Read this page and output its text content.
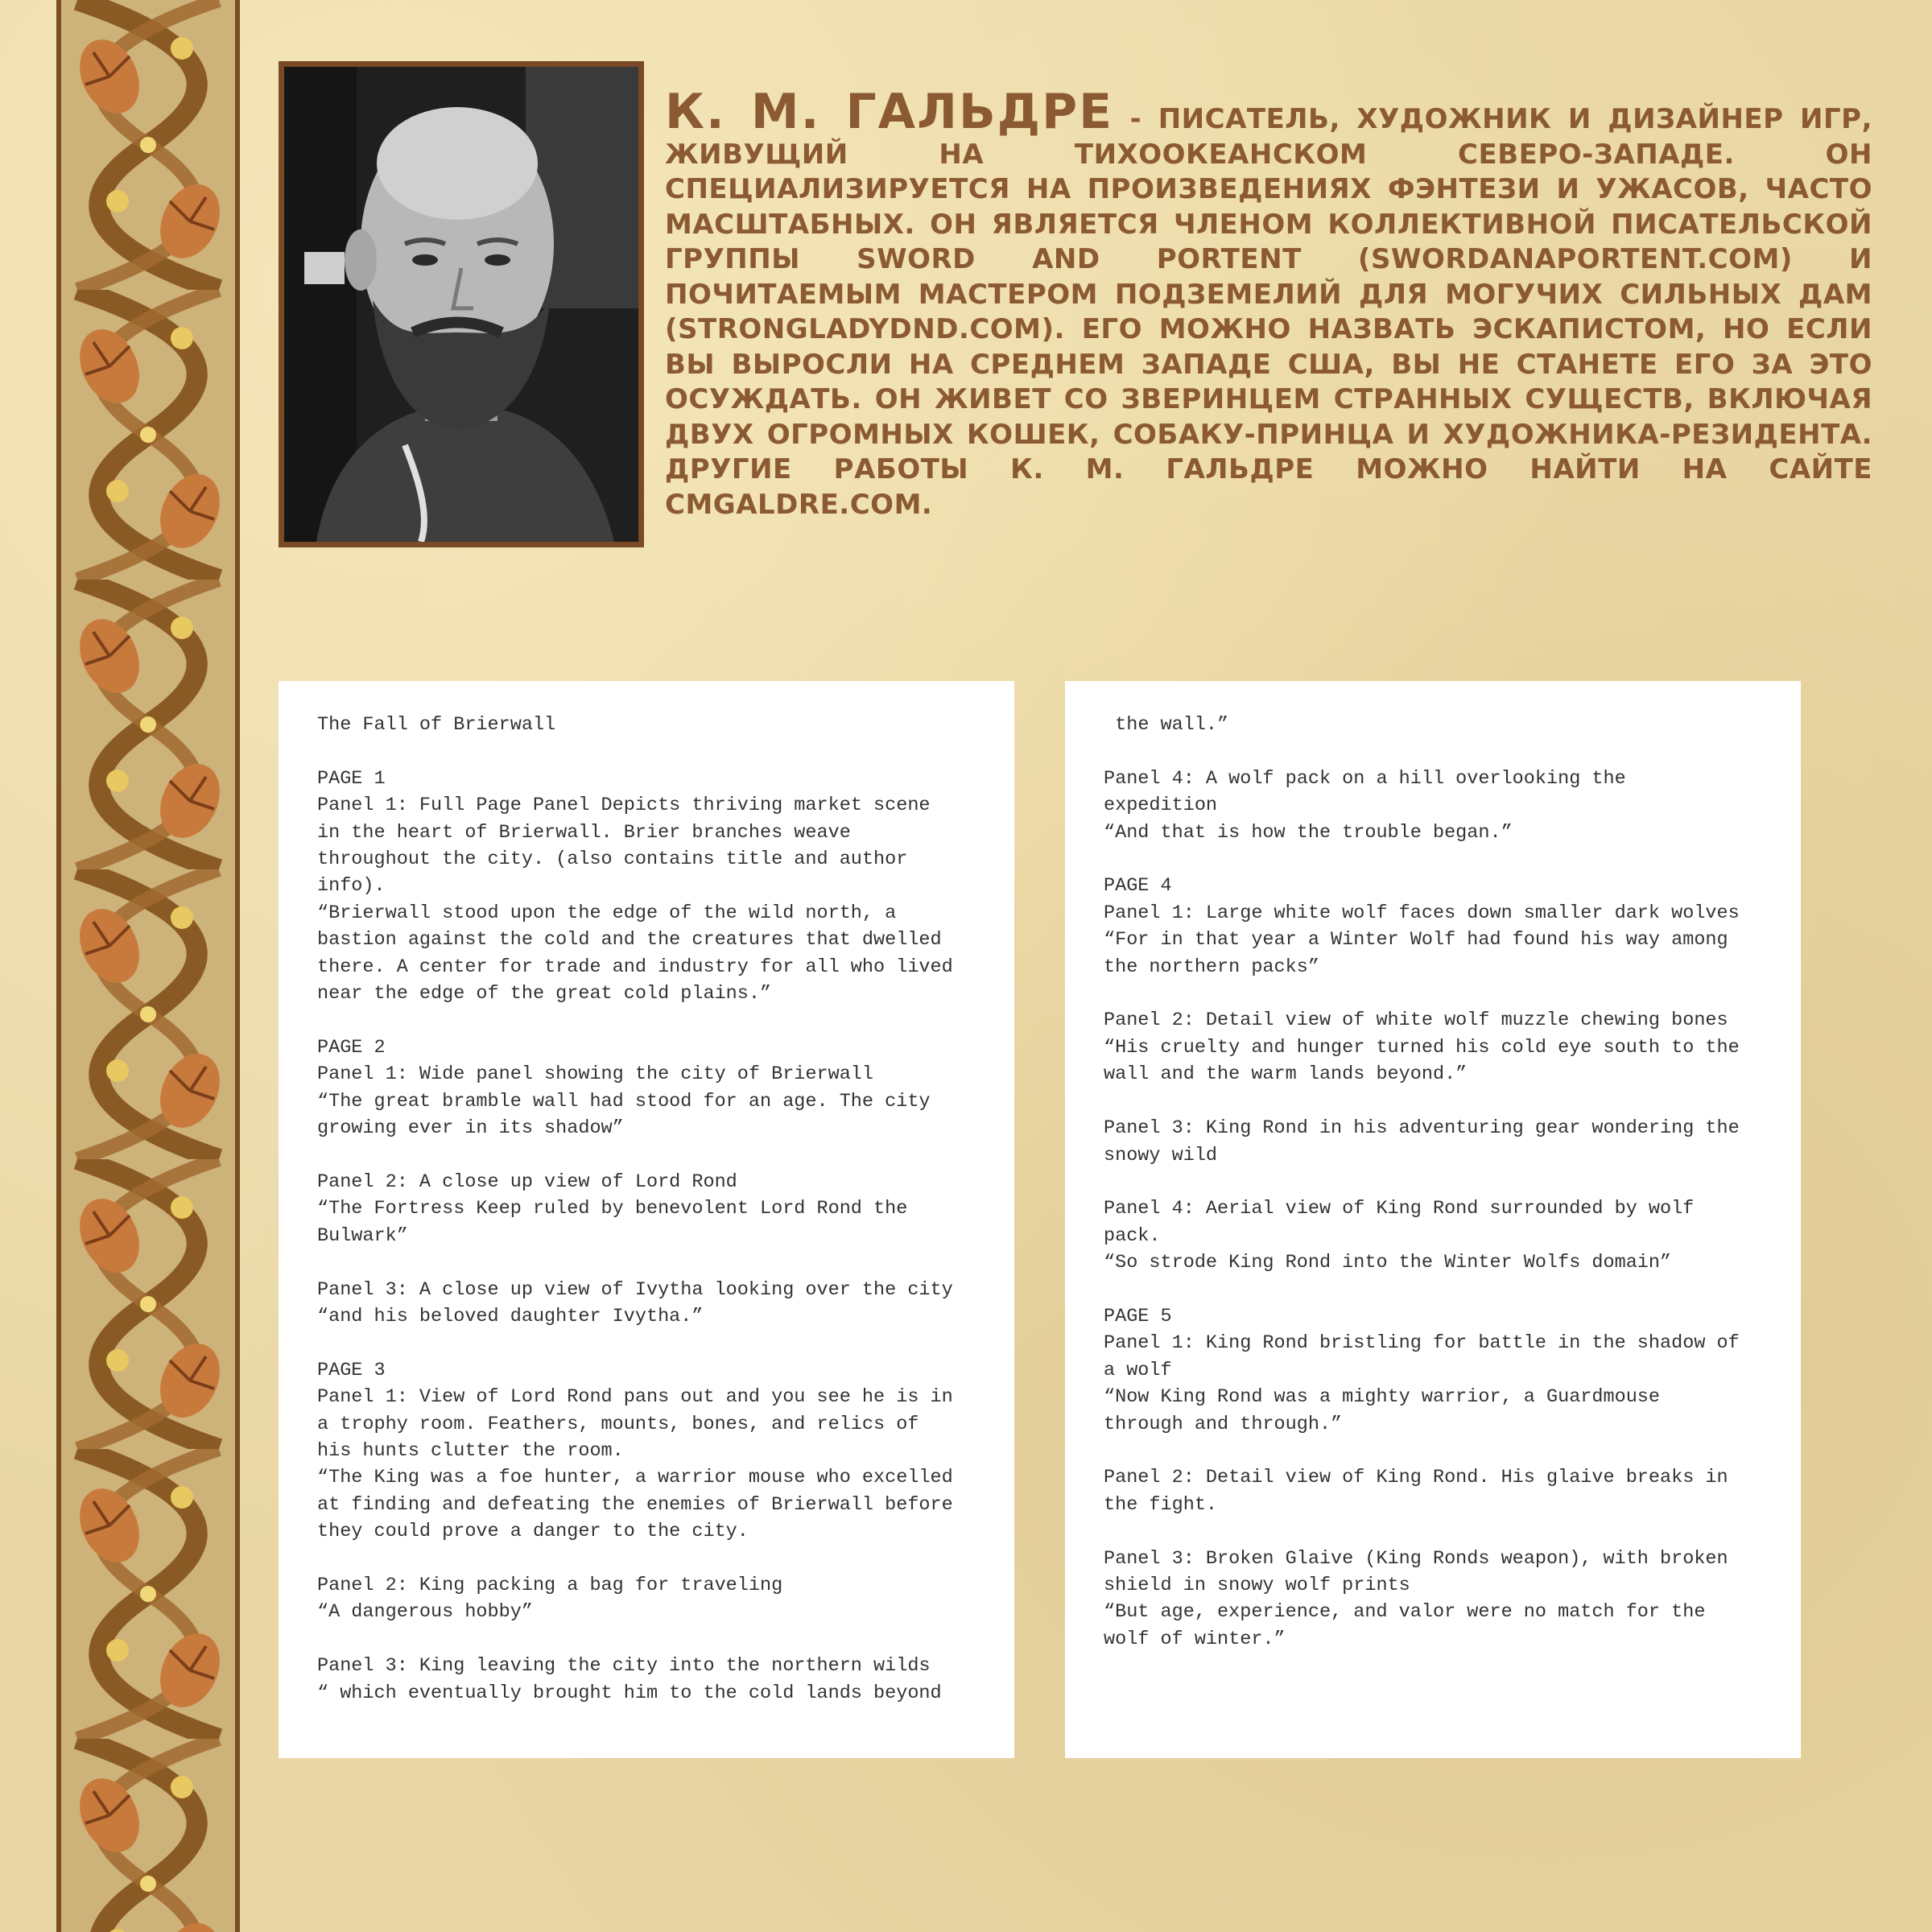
К. М. ГАЛЬДРЕ - ПИСАТЕЛЬ, ХУДОЖНИК И ДИЗАЙНЕР ИГР, ЖИВУЩИЙ НА ТИХООКЕАНСКОМ СЕВЕРО-ЗАПАДЕ. ОН СПЕЦИАЛИЗИРУЕТСЯ НА ПРОИЗВЕДЕНИЯХ ФЭНТЕЗИ И УЖАСОВ, ЧАСТО МАСШТАБНЫХ. ОН ЯВЛЯЕТСЯ ЧЛЕНОМ КОЛЛЕКТИВНОЙ ПИСАТЕЛЬСКОЙ ГРУППЫ SWORD AND PORTENT (SWORDANAPORTENT.COM) И ПОЧИТАЕМЫМ МАСТЕРОМ ПОДЗЕМЕЛИЙ ДЛЯ МОГУЧИХ СИЛЬНЫХ ДАМ (STRONGLADYDND.COM). ЕГО МОЖНО НАЗВАТЬ ЭСКАПИСТОМ, НО ЕСЛИ ВЫ ВЫРОСЛИ НА СРЕДНЕМ ЗАПАДЕ США, ВЫ НЕ СТАНЕТЕ ЕГО ЗА ЭТО ОСУЖДАТЬ. ОН ЖИВЕТ СО ЗВЕРИНЦЕМ СТРАННЫХ СУЩЕСТВ, ВКЛЮЧАЯ ДВУХ ОГРОМНЫХ КОШЕК, СОБАКУ-ПРИНЦА И ХУДОЖНИКА-РЕЗИДЕНТА. ДРУГИЕ РАБОТЫ К. М. ГАЛЬДРЕ МОЖНО НАЙТИ НА САЙТЕ CMGALDRE.COM.
The Fall of Brierwall

PAGE 1
Panel 1: Full Page Panel Depicts thriving market scene
in the heart of Brierwall. Brier branches weave
throughout the city. (also contains title and author
info).
“Brierwall stood upon the edge of the wild north, a
bastion against the cold and the creatures that dwelled
there. A center for trade and industry for all who lived
near the edge of the great cold plains.”

PAGE 2
Panel 1: Wide panel showing the city of Brierwall
“The great bramble wall had stood for an age. The city
growing ever in its shadow”

Panel 2: A close up view of Lord Rond
“The Fortress Keep ruled by benevolent Lord Rond the
Bulwark”

Panel 3: A close up view of Ivytha looking over the city
“and his beloved daughter Ivytha.”

PAGE 3
Panel 1: View of Lord Rond pans out and you see he is in
a trophy room. Feathers, mounts, bones, and relics of
his hunts clutter the room.
“The King was a foe hunter, a warrior mouse who excelled
at finding and defeating the enemies of Brierwall before
they could prove a danger to the city.

Panel 2: King packing a bag for traveling
“A dangerous hobby”

Panel 3: King leaving the city into the northern wilds
“ which eventually brought him to the cold lands beyond
the wall.”

Panel 4: A wolf pack on a hill overlooking the
expedition
“And that is how the trouble began.”

PAGE 4
Panel 1: Large white wolf faces down smaller dark wolves
“For in that year a Winter Wolf had found his way among
the northern packs”

Panel 2: Detail view of white wolf muzzle chewing bones
“His cruelty and hunger turned his cold eye south to the
wall and the warm lands beyond.”

Panel 3: King Rond in his adventuring gear wondering the
snowy wild

Panel 4: Aerial view of King Rond surrounded by wolf
pack.
“So strode King Rond into the Winter Wolfs domain”

PAGE 5
Panel 1: King Rond bristling for battle in the shadow of
a wolf
“Now King Rond was a mighty warrior, a Guardmouse
through and through.”

Panel 2: Detail view of King Rond. His glaive breaks in
the fight.

Panel 3: Broken Glaive (King Ronds weapon), with broken
shield in snowy wolf prints
“But age, experience, and valor were no match for the
wolf of winter.”
